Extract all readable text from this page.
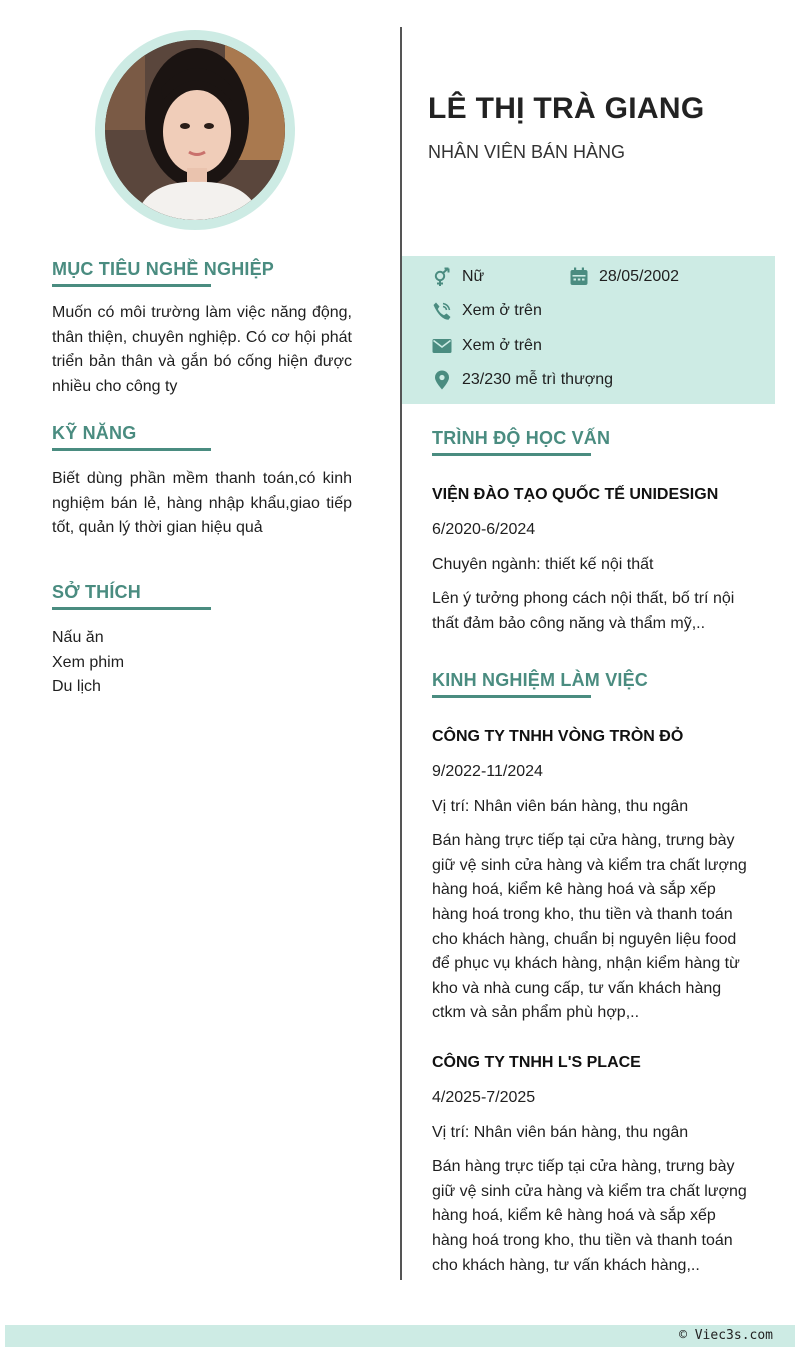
LÊ THỊ TRÀ GIANG
NHÂN VIÊN BÁN HÀNG
MỤC TIÊU NGHỀ NGHIỆP
Muốn có môi trường làm việc năng động, thân thiện, chuyên nghiệp. Có cơ hội phát triển bản thân và gắn bó cống hiện được nhiều cho công ty
KỸ NĂNG
Biết dùng phần mềm thanh toán,có kinh nghiệm bán lẻ, hàng nhập khẩu,giao tiếp tốt, quản lý thời gian hiệu quả
SỞ THÍCH
Nấu ăn
Xem phim
Du lịch
Nữ	28/05/2002
Xem ở trên
Xem ở trên
23/230 mễ trì thượng
TRÌNH ĐỘ HỌC VẤN
VIỆN ĐÀO TẠO QUỐC TẾ UNIDESIGN
6/2020-6/2024
Chuyên ngành: thiết kế nội thất
Lên ý tưởng phong cách nội thất, bố trí nội thất đảm bảo công năng và thẩm mỹ,..
KINH NGHIỆM LÀM VIỆC
CÔNG TY TNHH VÒNG TRÒN ĐỎ
9/2022-11/2024
Vị trí: Nhân viên bán hàng, thu ngân
Bán hàng trực tiếp tại cửa hàng, trưng bày giữ vệ sinh cửa hàng và kiểm tra chất lượng hàng hoá, kiểm kê hàng hoá và sắp xếp hàng hoá trong kho, thu tiền và thanh toán cho khách hàng, chuẩn bị nguyên liệu food để phục vụ khách hàng, nhận kiểm hàng từ kho và nhà cung cấp, tư vấn khách hàng ctkm và sản phẩm phù hợp,..
CÔNG TY TNHH L'S PLACE
4/2025-7/2025
Vị trí: Nhân viên bán hàng, thu ngân
Bán hàng trực tiếp tại cửa hàng, trưng bày giữ vệ sinh cửa hàng và kiểm tra chất lượng hàng hoá, kiểm kê hàng hoá và sắp xếp hàng hoá trong kho, thu tiền và thanh toán cho khách hàng, tư vấn khách hàng,..
© Viec3s.com
